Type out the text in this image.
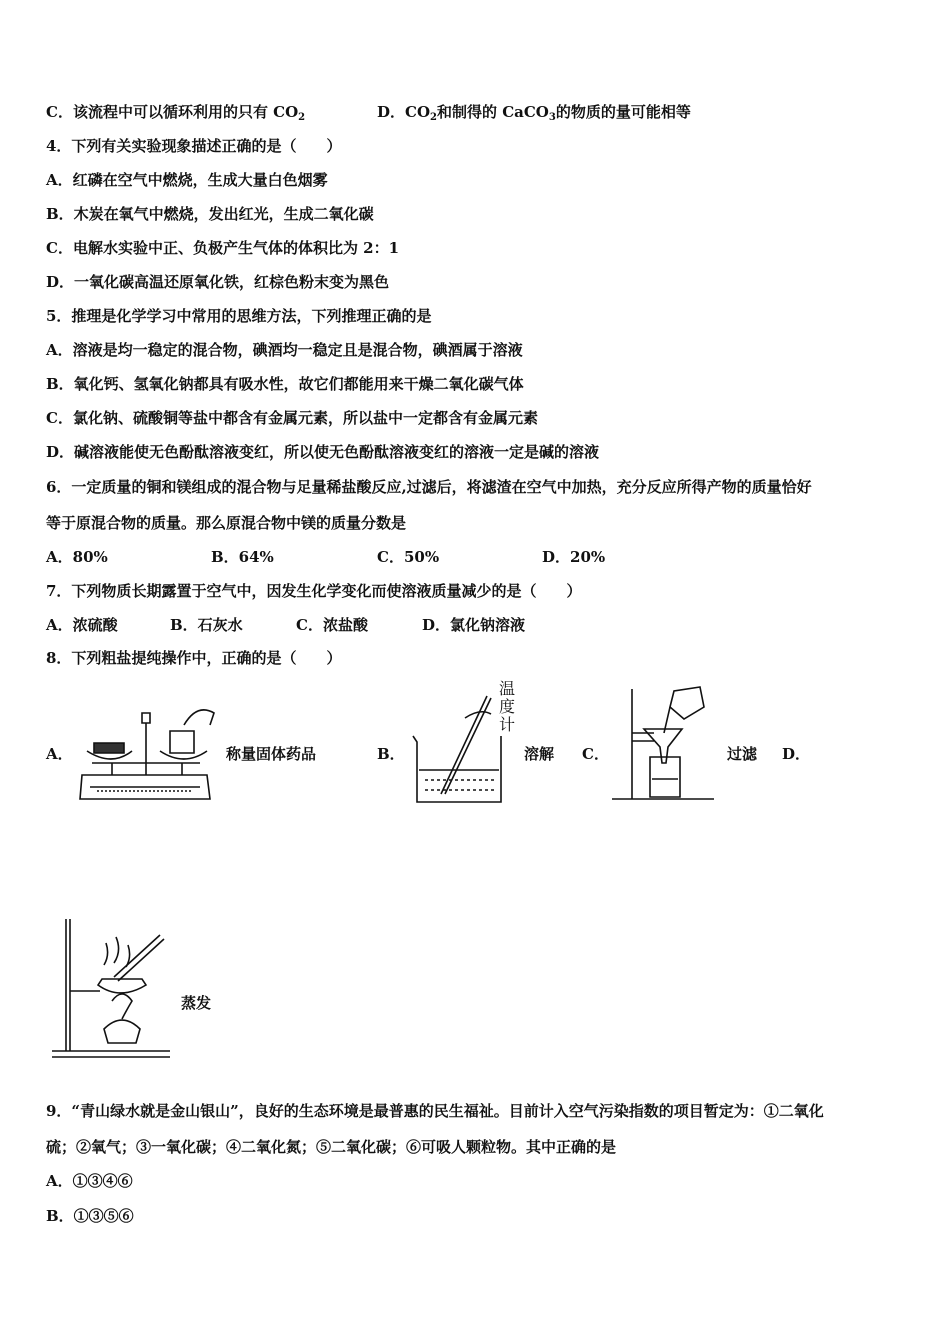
C．该流程中可以循环利用的只有 $CO_2$	D．$CO_2$和制得的 CaCO$_3$的物质的量可能相等
4．下列有关实验现象描述正确的是（　　）
A．红磷在空气中燃烧，生成大量白色烟雾
B．木炭在氧气中燃烧，发出红光，生成二氧化碳
C．电解水实验中正、负极产生气体的体积比为 2：1
D．一氧化碳高温还原氧化铁，红棕色粉末变为黑色
5．推理是化学学习中常用的思维方法，下列推理正确的是
A．溶液是均一稳定的混合物，碘酒均一稳定且是混合物，碘酒属于溶液
B．氧化钙、氢氧化钠都具有吸水性，故它们都能用来干燥二氧化碳气体
C．氯化钠、硫酸铜等盐中都含有金属元素，所以盐中一定都含有金属元素
D．碱溶液能使无色酚酞溶液变红，所以使无色酚酞溶液变红的溶液一定是碱的溶液
6．一定质量的铜和镁组成的混合物与足量稀盐酸反应,过滤后，将滤渣在空气中加热，充分反应所得产物的质量恰好
等于原混合物的质量。那么原混合物中镁的质量分数是
A．80%	B．64%	C．50%	D．20%
7．下列物质长期露置于空气中，因发生化学变化而使溶液质量减少的是（　　）
A．浓硫酸	B．石灰水	C．浓盐酸	D．氯化钠溶液
8．下列粗盐提纯操作中，正确的是（　　）
A．	称量固体药品	B．
温度计
溶解 C．	过滤 D．
蒸发
9．“青山绿水就是金山银山”，良好的生态环境是最普惠的民生福祉。目前计入空气污染指数的项目暂定为：①二氧化
硫；②氧气；③一氧化碳；④二氧化氮；⑤二氧化碳；⑥可吸人颗粒物。其中正确的是
A．①③④⑥
B．①③⑤⑥
